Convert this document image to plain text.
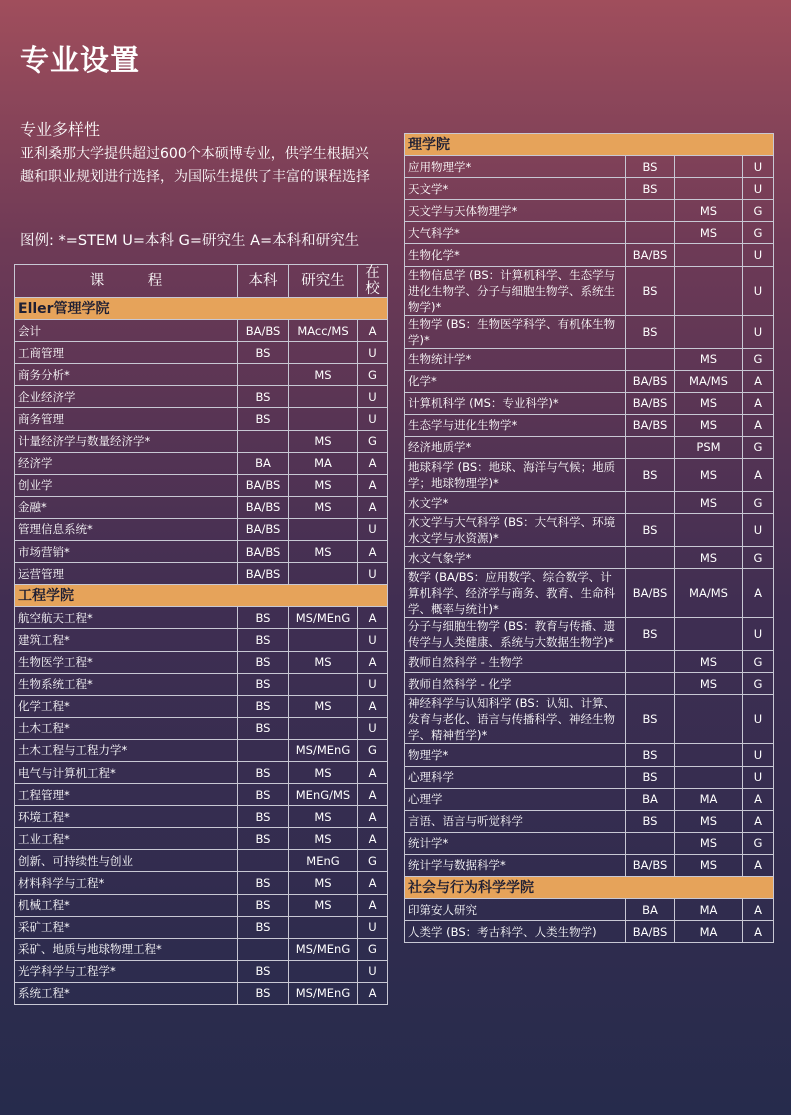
专业设置
专业多样性
亚利桑那大学提供超过600个本硕博专业，供学生根据兴
趣和职业规划进行选择，为国际生提供了丰富的课程选择
图例: *=STEM U=本科 G=研究生 A=本科和研究生
课　　　程	本科	研究生	在校
Eller管理学院			
会计	BA/BS	MAcc/MS	A
工商管理	BS		U
商务分析*		MS	G
企业经济学	BS		U
商务管理	BS		U
计量经济学与数量经济学*		MS	G
经济学	BA	MA	A
创业学	BA/BS	MS	A
金融*	BA/BS	MS	A
管理信息系统*	BA/BS		U
市场营销*	BA/BS	MS	A
运营管理	BA/BS		U
工程学院			
航空航天工程*	BS	MS/MEnG	A
建筑工程*	BS		U
生物医学工程*	BS	MS	A
生物系统工程*	BS		U
化学工程*	BS	MS	A
土木工程*	BS		U
土木工程与工程力学*		MS/MEnG	G
电气与计算机工程*	BS	MS	A
工程管理*	BS	MEnG/MS	A
环境工程*	BS	MS	A
工业工程*	BS	MS	A
创新、可持续性与创业		MEnG	G
材料科学与工程*	BS	MS	A
机械工程*	BS	MS	A
采矿工程*	BS		U
采矿、地质与地球物理工程*		MS/MEnG	G
光学科学与工程学*	BS		U
系统工程*	BS	MS/MEnG	A
理学院			
应用物理学*	BS		U
天文学*	BS		U
天文学与天体物理学*		MS	G
大气科学*		MS	G
生物化学*	BA/BS		U
生物信息学 (BS：计算机科学、生态学与进化生物学、分子与细胞生物学、系统生物学)*	BS		U
生物学 (BS：生物医学科学、有机体生物学)*	BS		U
生物统计学*		MS	G
化学*	BA/BS	MA/MS	A
计算机科学 (MS：专业科学)*	BA/BS	MS	A
生态学与进化生物学*	BA/BS	MS	A
经济地质学*		PSM	G
地球科学 (BS：地球、海洋与气候；地质学；地球物理学)*	BS	MS	A
水文学*		MS	G
水文学与大气科学 (BS：大气科学、环境水文学与水资源)*	BS		U
水文气象学*		MS	G
数学 (BA/BS：应用数学、综合数学、计算机科学、经济学与商务、教育、生命科学、概率与统计)*	BA/BS	MA/MS	A
分子与细胞生物学 (BS：教育与传播、遗传学与人类健康、系统与大数据生物学)*	BS		U
教师自然科学 - 生物学		MS	G
教师自然科学 - 化学		MS	G
神经科学与认知科学 (BS：认知、计算、发育与老化、语言与传播科学、神经生物学、精神哲学)*	BS		U
物理学*	BS		U
心理科学	BS		U
心理学	BA	MA	A
言语、语言与听觉科学	BS	MS	A
统计学*		MS	G
统计学与数据科学*	BA/BS	MS	A
社会与行为科学学院			
印第安人研究	BA	MA	A
人类学 (BS：考古科学、人类生物学)	BA/BS	MA	A
